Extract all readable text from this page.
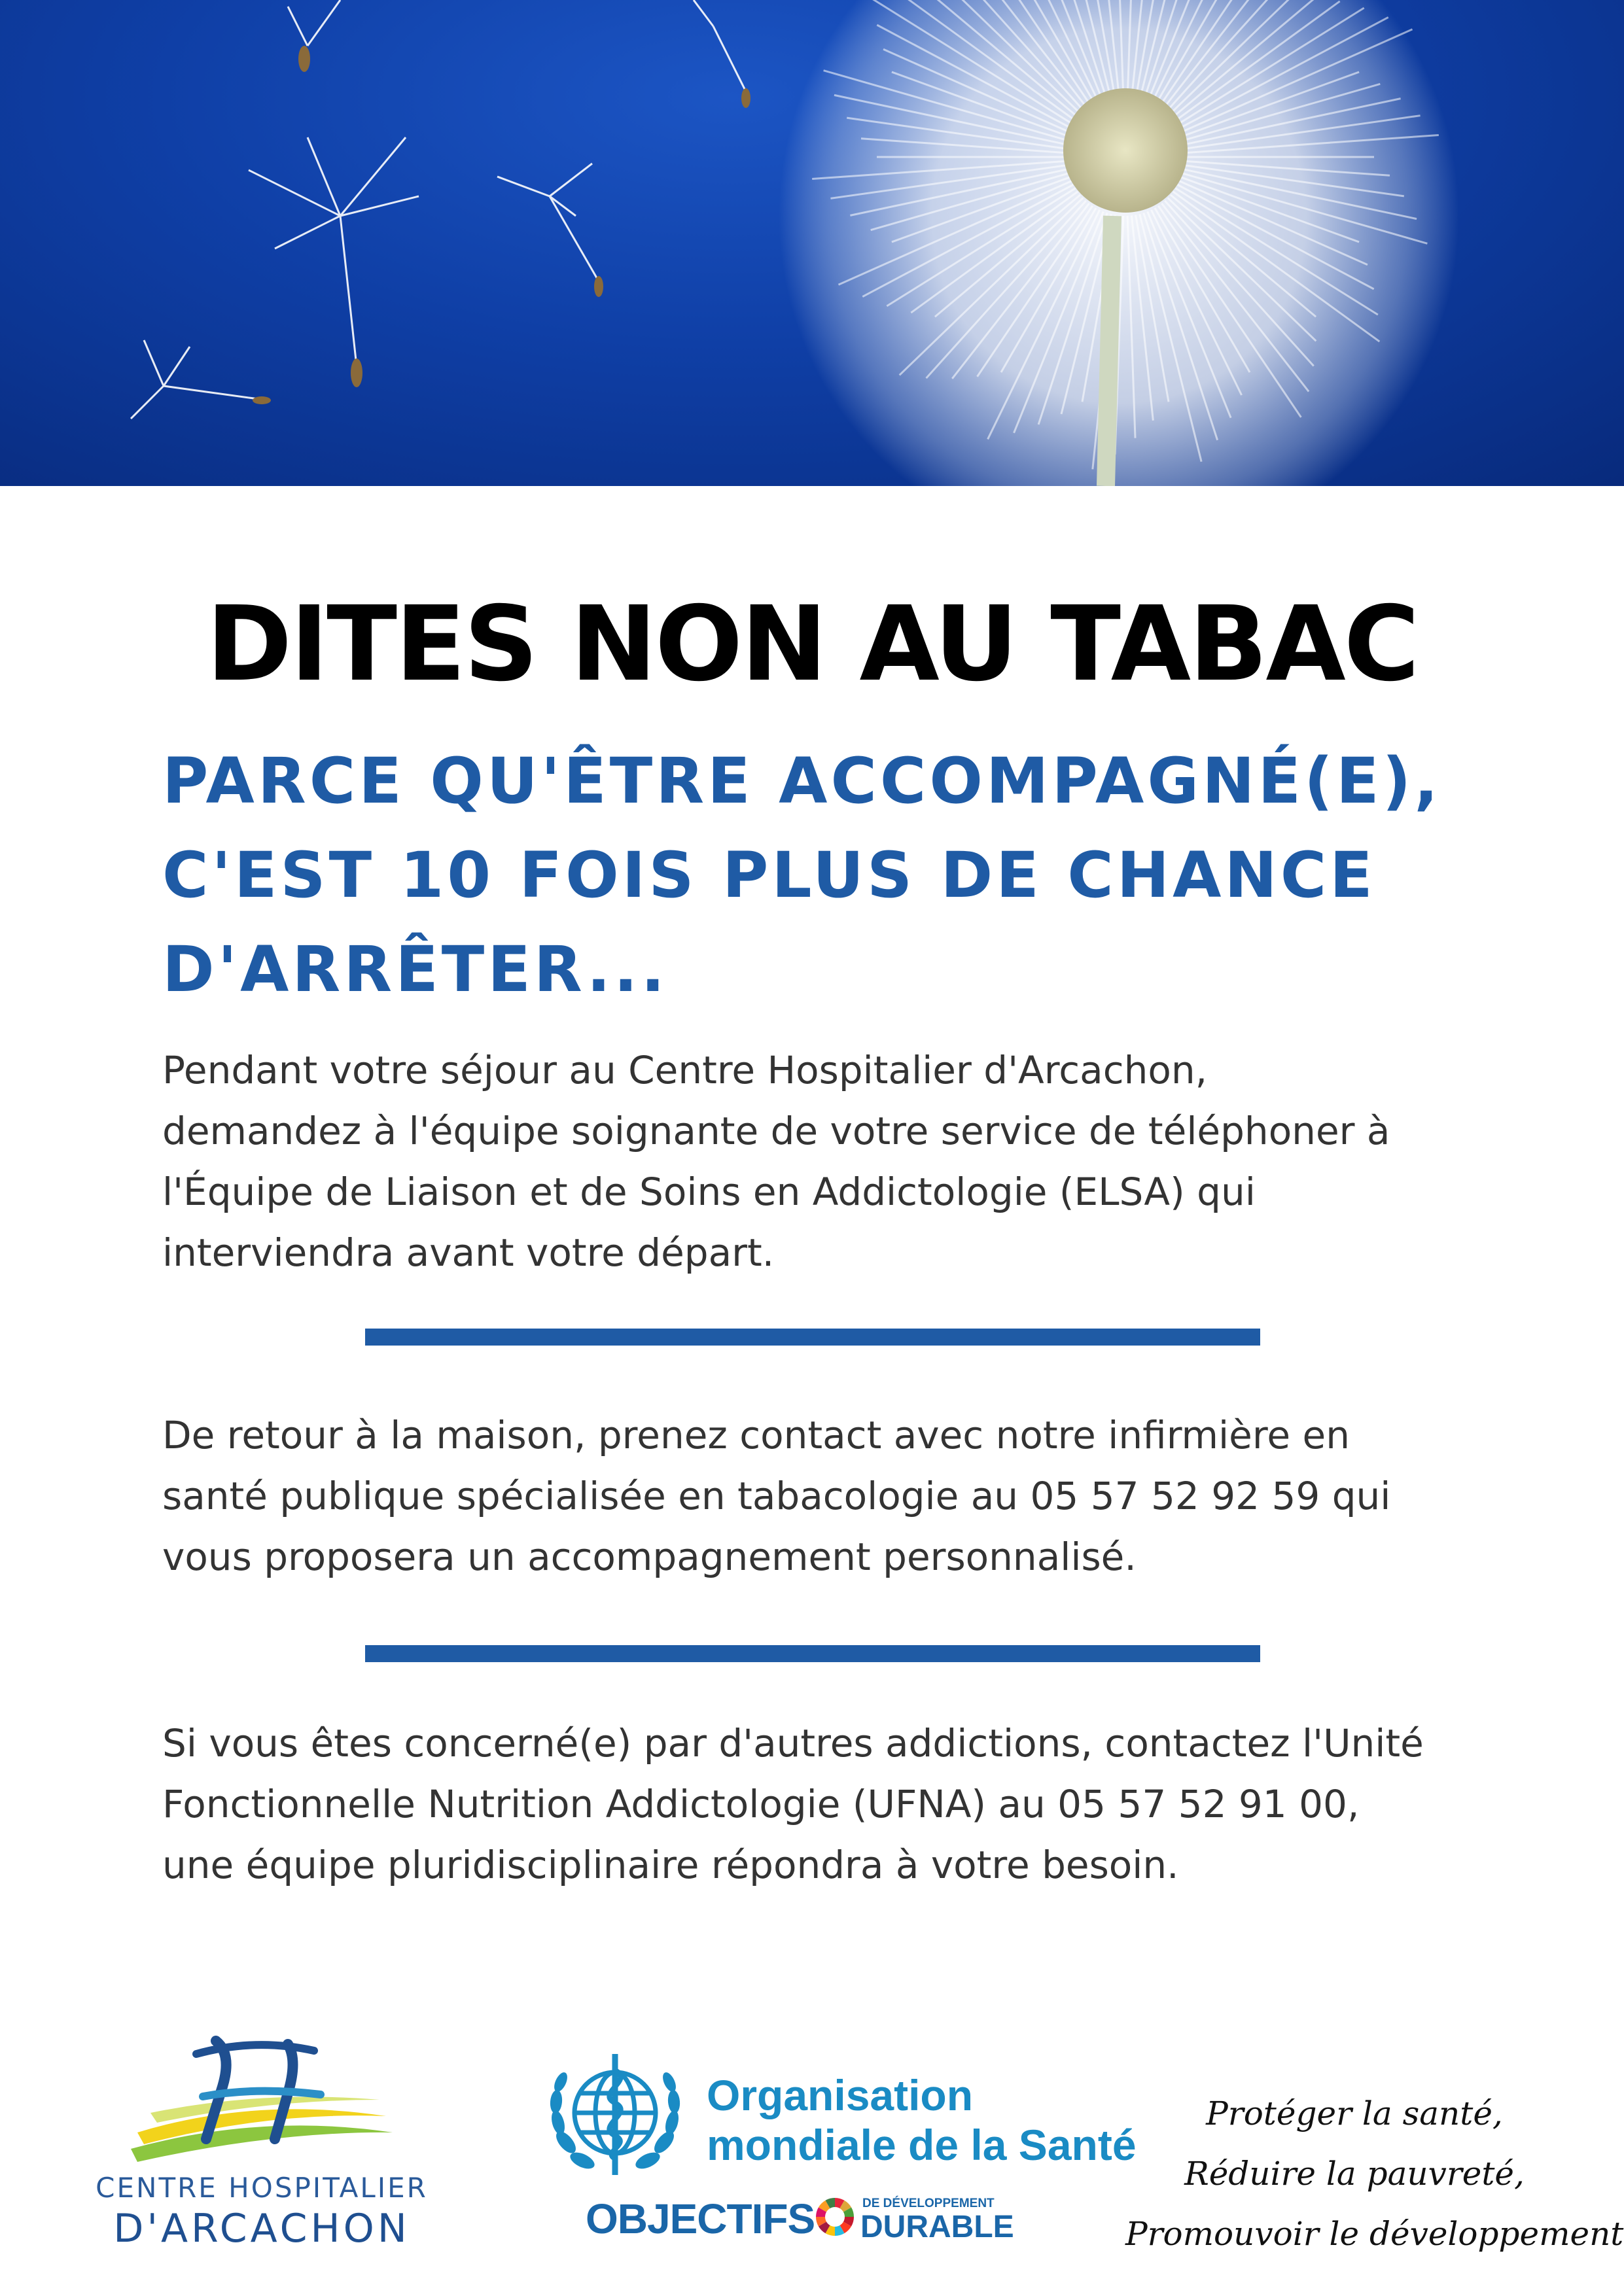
DITES NON AU TABAC
PARCE QU'ÊTRE ACCOMPAGNÉ(E),
C'EST 10 FOIS PLUS DE CHANCE
D'ARRÊTER...

Pendant votre séjour au Centre Hospitalier d'Arcachon,
demandez à l'équipe soignante de votre service de téléphoner à
l'Équipe de Liaison et de Soins en Addictologie (ELSA) qui
interviendra avant votre départ.

De retour à la maison, prenez contact avec notre infirmière en
santé publique spécialisée en tabacologie au 05 57 52 92 59 qui
vous proposera un accompagnement personnalisé.

Si vous êtes concerné(e) par d'autres addictions, contactez l'Unité
Fonctionnelle Nutrition Addictologie (UFNA) au 05 57 52 91 00,
une équipe pluridisciplinaire répondra à votre besoin.

CENTRE HOSPITALIER
D'ARCACHON
Organisation
mondiale de la Santé
OBJECTIFS	DE DÉVELOPPEMENT
DURABLE

Protéger la santé,
Réduire la pauvreté,
Promouvoir le développement
